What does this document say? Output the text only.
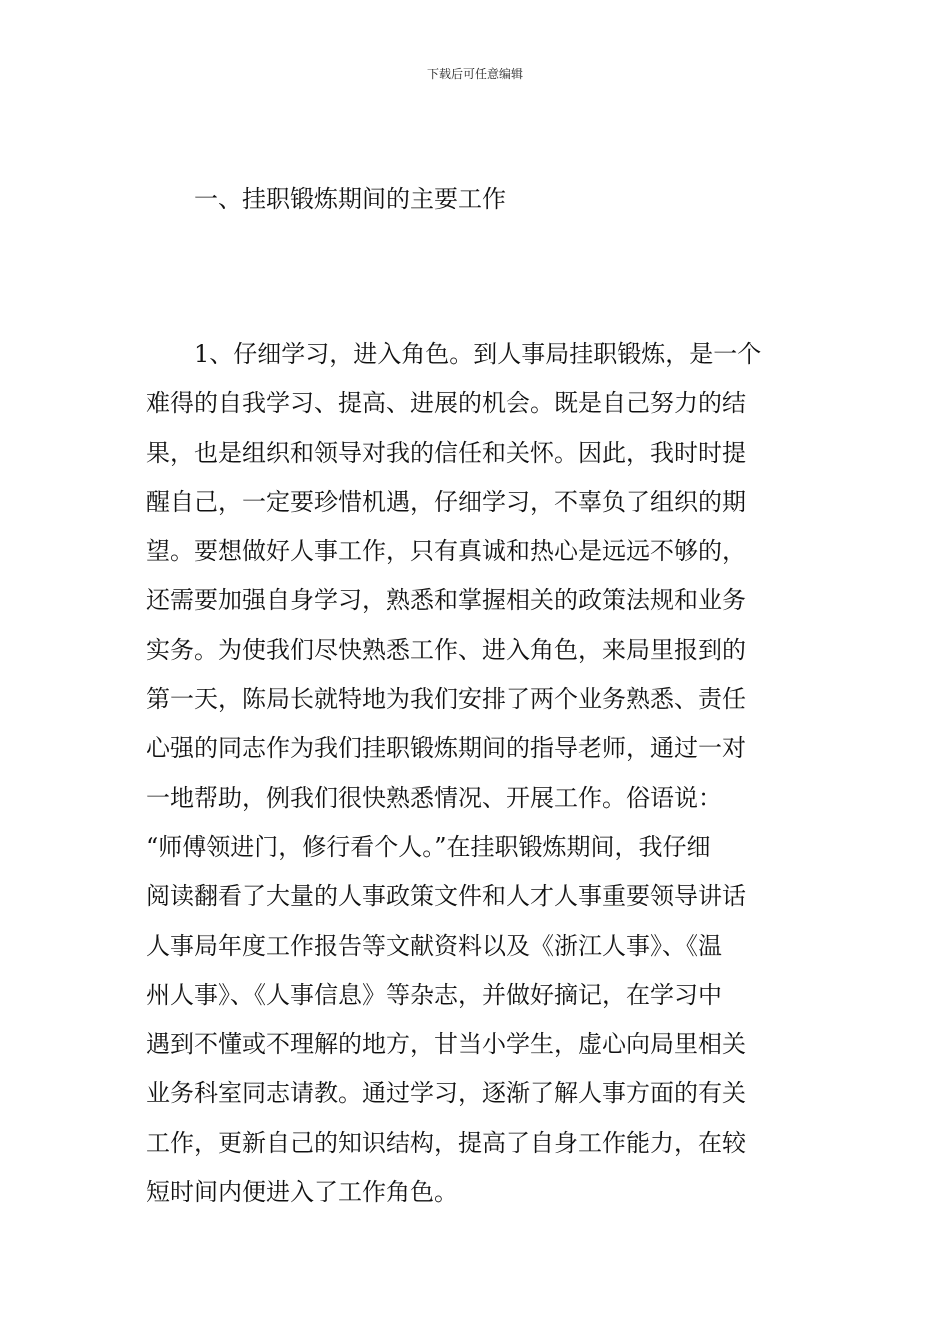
下载后可任意编辑
一、挂职锻炼期间的主要工作
1、仔细学习，进入角色。到人事局挂职锻炼，是一个
难得的自我学习、提高、进展的机会。既是自己努力的结
果，也是组织和领导对我的信任和关怀。因此，我时时提
醒自己，一定要珍惜机遇，仔细学习，不辜负了组织的期
望。要想做好人事工作，只有真诚和热心是远远不够的，
还需要加强自身学习，熟悉和掌握相关的政策法规和业务
实务。为使我们尽快熟悉工作、进入角色，来局里报到的
第一天，陈局长就特地为我们安排了两个业务熟悉、责任
心强的同志作为我们挂职锻炼期间的指导老师，通过一对
一地帮助，例我们很快熟悉情况、开展工作。俗语说：
“师傅领进门，修行看个人。”在挂职锻炼期间，我仔细
阅读翻看了大量的人事政策文件和人才人事重要领导讲话
人事局年度工作报告等文献资料以及《浙江人事》、《温
州人事》、《人事信息》等杂志，并做好摘记，在学习中
遇到不懂或不理解的地方，甘当小学生，虚心向局里相关
业务科室同志请教。通过学习，逐渐了解人事方面的有关
工作，更新自己的知识结构，提高了自身工作能力，在较
短时间内便进入了工作角色。
